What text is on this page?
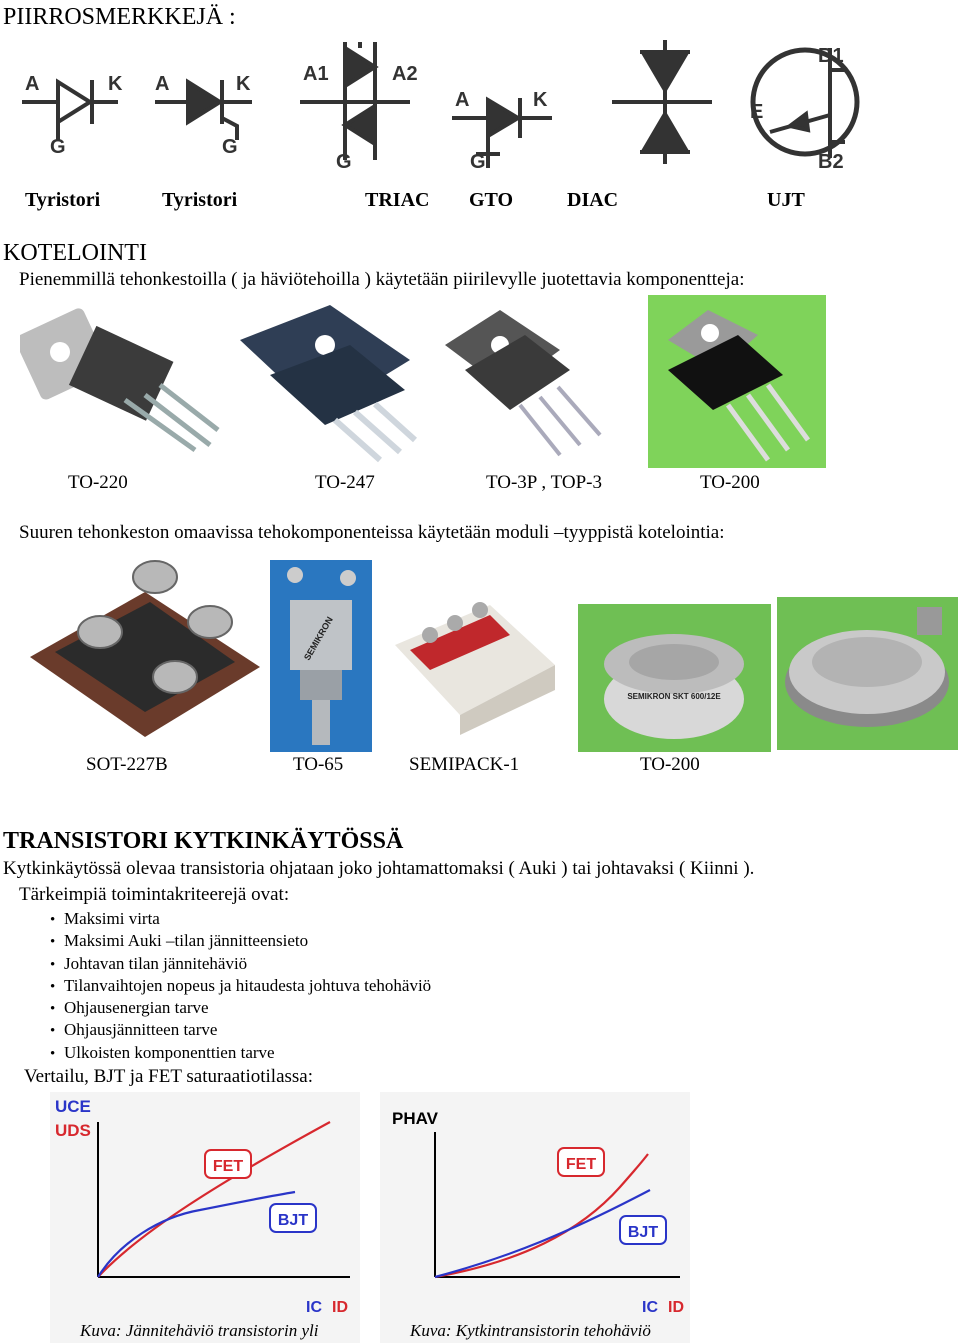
PIIRROSMERKKEJÄ :
A	K
G
A	K
G
A1	A2
G
A	K
G
E
B1
B2
Tyristori	Tyristori	TRIAC GTO	DIAC	UJT
KOTELOINTI
Pienemmillä tehonkestoilla ( ja häviötehoilla ) käytetään piirilevylle juotettavia komponentteja:
TO-220	TO-247	TO-3P , TOP-3	TO-200
Suuren tehonkeston omaavissa tehokomponenteissa käytetään moduli –tyyppistä kotelointia:
SEMIKRON
SEMIKRON SKT 600/12E
SOT-227B	TO-65	SEMIPACK-1	TO-200
TRANSISTORI KYTKINKÄYTÖSSÄ
Kytkinkäytössä olevaa transistoria ohjataan joko johtamattomaksi ( Auki ) tai johtavaksi ( Kiinni ).
Tärkeimpiä toimintakriteerejä ovat:
• Maksimi virta
• Maksimi Auki –tilan jännitteensieto
• Johtavan tilan jännitehäviö
• Tilanvaihtojen nopeus ja hitaudesta johtuva tehohäviö
• Ohjausenergian tarve
• Ohjausjännitteen tarve
• Ulkoisten komponenttien tarve
Vertailu, BJT ja FET saturaatiotilassa:
UCE
UDS
FET
BJT
IC ID
Kuva: Jännitehäviö transistorin yli
PHAV
FET
BJT
IC ID
Kuva: Kytkintransistorin tehohäviö
